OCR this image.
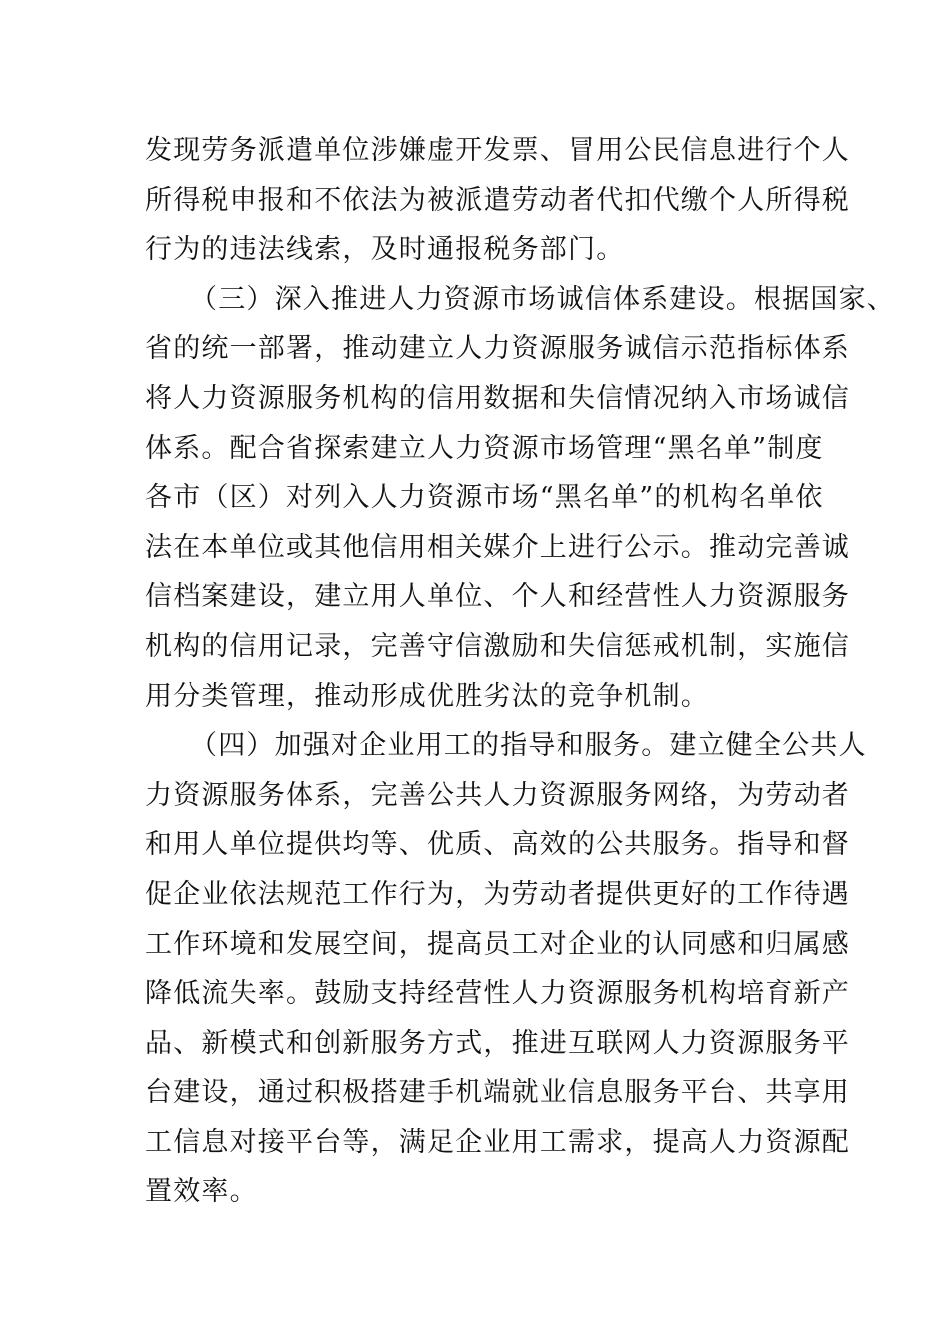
发现劳务派遣单位涉嫌虚开发票、冒用公民信息进行个人
所得税申报和不依法为被派遣劳动者代扣代缴个人所得税
行为的违法线索，及时通报税务部门。
（三）深入推进人力资源市场诚信体系建设。根据国家、
省的统一部署，推动建立人力资源服务诚信示范指标体系
将人力资源服务机构的信用数据和失信情况纳入市场诚信
体系。配合省探索建立人力资源市场管理“黑名单”制度
各市（区）对列入人力资源市场“黑名单”的机构名单依
法在本单位或其他信用相关媒介上进行公示。推动完善诚
信档案建设，建立用人单位、个人和经营性人力资源服务
机构的信用记录，完善守信激励和失信惩戒机制，实施信
用分类管理，推动形成优胜劣汰的竞争机制。
（四）加强对企业用工的指导和服务。建立健全公共人
力资源服务体系，完善公共人力资源服务网络，为劳动者
和用人单位提供均等、优质、高效的公共服务。指导和督
促企业依法规范工作行为，为劳动者提供更好的工作待遇
工作环境和发展空间，提高员工对企业的认同感和归属感
降低流失率。鼓励支持经营性人力资源服务机构培育新产
品、新模式和创新服务方式，推进互联网人力资源服务平
台建设，通过积极搭建手机端就业信息服务平台、共享用
工信息对接平台等，满足企业用工需求，提高人力资源配
置效率。
